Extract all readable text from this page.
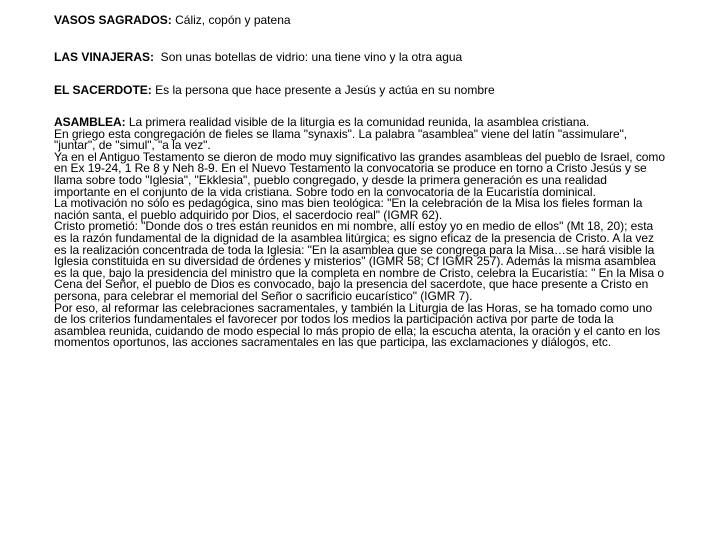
VASOS SAGRADOS: Cáliz, copón y patena
LAS VINAJERAS:  Son unas botellas de vidrio: una tiene vino y la otra agua
EL SACERDOTE: Es la persona que hace presente a Jesús y actúa en su nombre

ASAMBLEA: La primera realidad visible de la liturgia es la comunidad reunida, la asamblea cristiana.

En griego esta congregación de fieles se llama "synaxis". La palabra "asamblea" viene del latín "assimulare", "juntar", de "simul", "a la vez".

Ya en el Antiguo Testamento se dieron de modo muy significativo las grandes asambleas del pueblo de Israel, como en Ex 19-24, 1 Re 8 y Neh 8-9. En el Nuevo Testamento la convocatoria se produce en torno a Cristo Jesús y se llama sobre todo "Iglesia", "Ekklesia", pueblo congregado, y desde la primera generación es una realidad importante en el conjunto de la vida cristiana. Sobre todo en la convocatoria de la Eucaristía dominical.

La motivación no sólo es pedagógica, sino mas bien teológica: "En la celebración de la Misa los fieles forman la nación santa, el pueblo adquirido por Dios, el sacerdocio real" (IGMR 62).

Cristo prometió: "Donde dos o tres están reunidos en mi nombre, allí estoy yo en medio de ellos" (Mt 18, 20); esta es la razón fundamental de la dignidad de la asamblea litúrgica; es signo eficaz de la presencia de Cristo. A la vez es la realización concentrada de toda la Iglesia: "En la asamblea que se congrega para la Misa…se hará visible la Iglesia constituida en su diversidad de órdenes y misterios" (IGMR 58; Cf IGMR 257). Además la misma asamblea es la que, bajo la presidencia del ministro que la completa en nombre de Cristo, celebra la Eucaristía: " En la Misa o Cena del Señor, el pueblo de Dios es convocado, bajo la presencia del sacerdote, que hace presente a Cristo en persona, para celebrar el memorial del Señor o sacrificio eucarístico" (IGMR 7).

Por eso, al reformar las celebraciones sacramentales, y también la Liturgia de las Horas, se ha tomado como uno de los criterios fundamentales el favorecer por todos los medios la participación activa por parte de toda la asamblea reunida, cuidando de modo especial lo más propio de ella; la escucha atenta, la oración y el canto en los momentos oportunos, las acciones sacramentales en las que participa, las exclamaciones y diálogos, etc.
